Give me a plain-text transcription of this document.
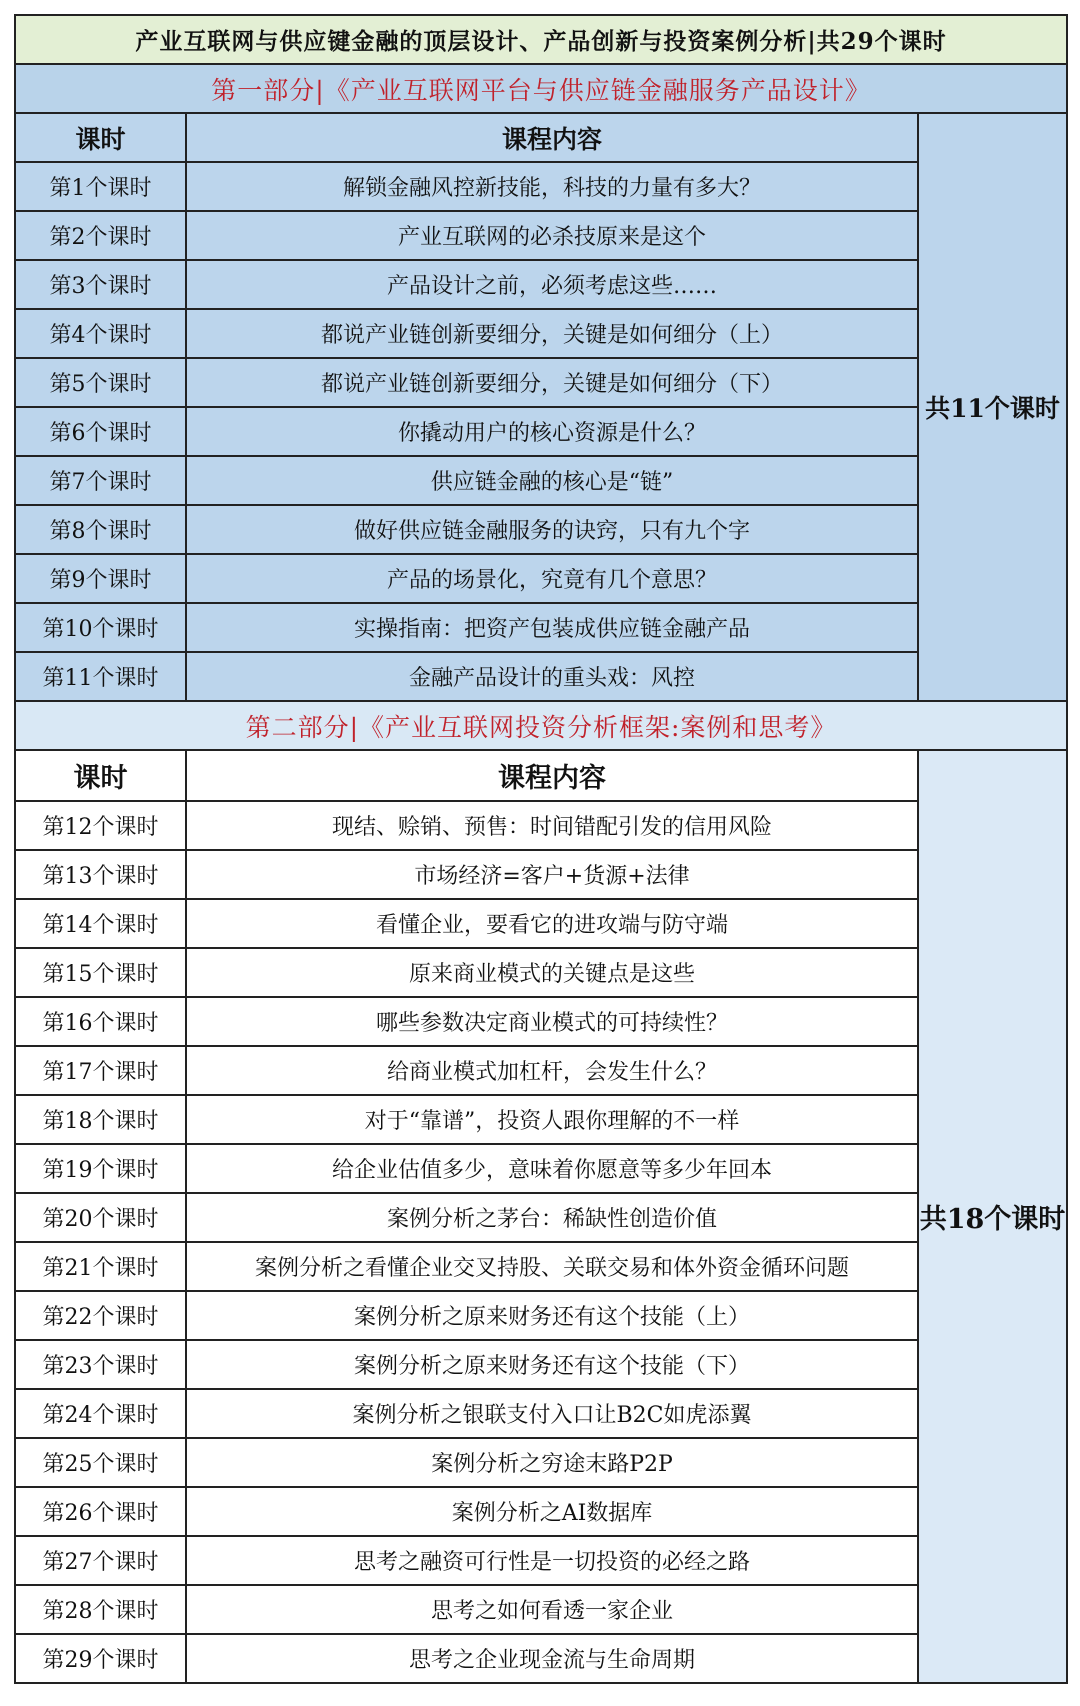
产业互联网与供应键金融的顶层设计、产品创新与投资案例分析|共29个课时		
第一部分|《产业互联网平台与供应链金融服务产品设计》		
课时	课程内容	共11个课时
第1个课时	解锁金融风控新技能，科技的力量有多大？	
第2个课时	产业互联网的必杀技原来是这个	
第3个课时	产品设计之前，必须考虑这些……	
第4个课时	都说产业链创新要细分，关键是如何细分（上）	
第5个课时	都说产业链创新要细分，关键是如何细分（下）	
第6个课时	你撬动用户的核心资源是什么？	
第7个课时	供应链金融的核心是“链”	
第8个课时	做好供应链金融服务的诀窍，只有九个字	
第9个课时	产品的场景化，究竟有几个意思？	
第10个课时	实操指南：把资产包装成供应链金融产品	
第11个课时	金融产品设计的重头戏：风控	
第二部分|《产业互联网投资分析框架:案例和思考》		
课时	课程内容	共18个课时
第12个课时	现结、赊销、预售：时间错配引发的信用风险	
第13个课时	市场经济=客户+货源+法律	
第14个课时	看懂企业，要看它的进攻端与防守端	
第15个课时	原来商业模式的关键点是这些	
第16个课时	哪些参数决定商业模式的可持续性？	
第17个课时	给商业模式加杠杆，会发生什么？	
第18个课时	对于“靠谱”，投资人跟你理解的不一样	
第19个课时	给企业估值多少，意味着你愿意等多少年回本	
第20个课时	案例分析之茅台：稀缺性创造价值	
第21个课时	案例分析之看懂企业交叉持股、关联交易和体外资金循环问题	
第22个课时	案例分析之原来财务还有这个技能（上）	
第23个课时	案例分析之原来财务还有这个技能（下）	
第24个课时	案例分析之银联支付入口让B2C如虎添翼	
第25个课时	案例分析之穷途末路P2P	
第26个课时	案例分析之AI数据库	
第27个课时	思考之融资可行性是一切投资的必经之路	
第28个课时	思考之如何看透一家企业	
第29个课时	思考之企业现金流与生命周期	
